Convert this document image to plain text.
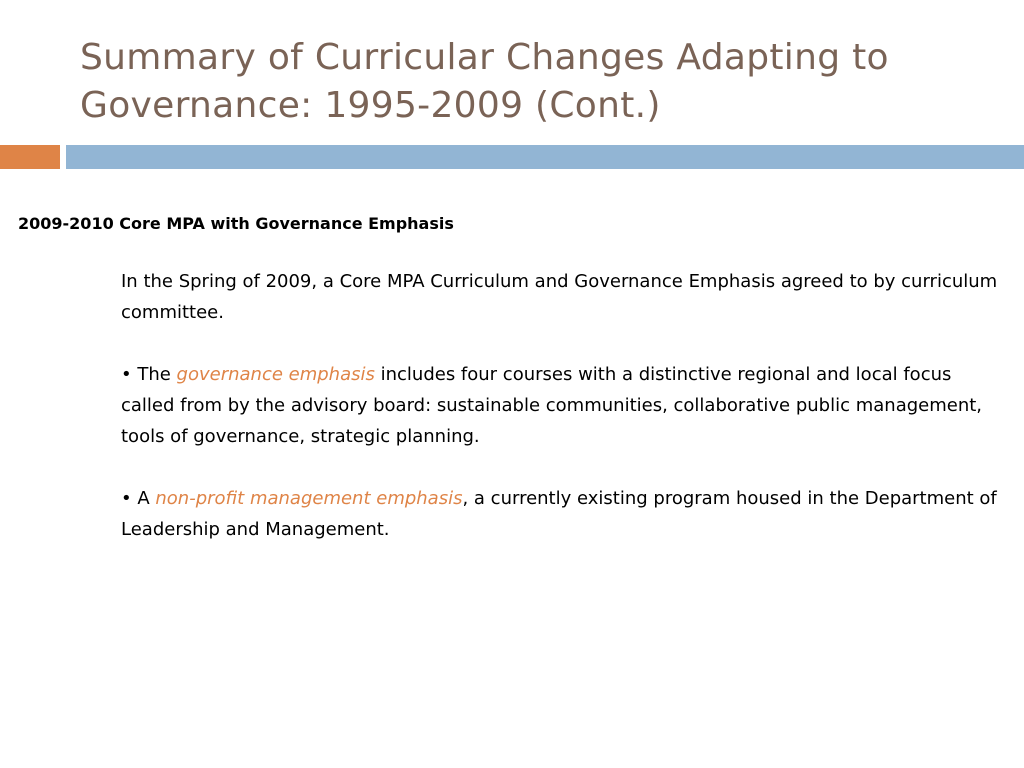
Summary of Curricular Changes Adapting to Governance: 1995-2009 (Cont.)
2009-2010 Core MPA with Governance Emphasis

In the Spring of 2009, a Core MPA Curriculum and Governance Emphasis agreed to by curriculum committee.

• The governance emphasis includes four courses with a distinctive regional and local focus called from by the advisory board: sustainable communities, collaborative public management, tools of governance, strategic planning.

• A non-profit management emphasis, a currently existing program housed in the Department of Leadership and Management.
